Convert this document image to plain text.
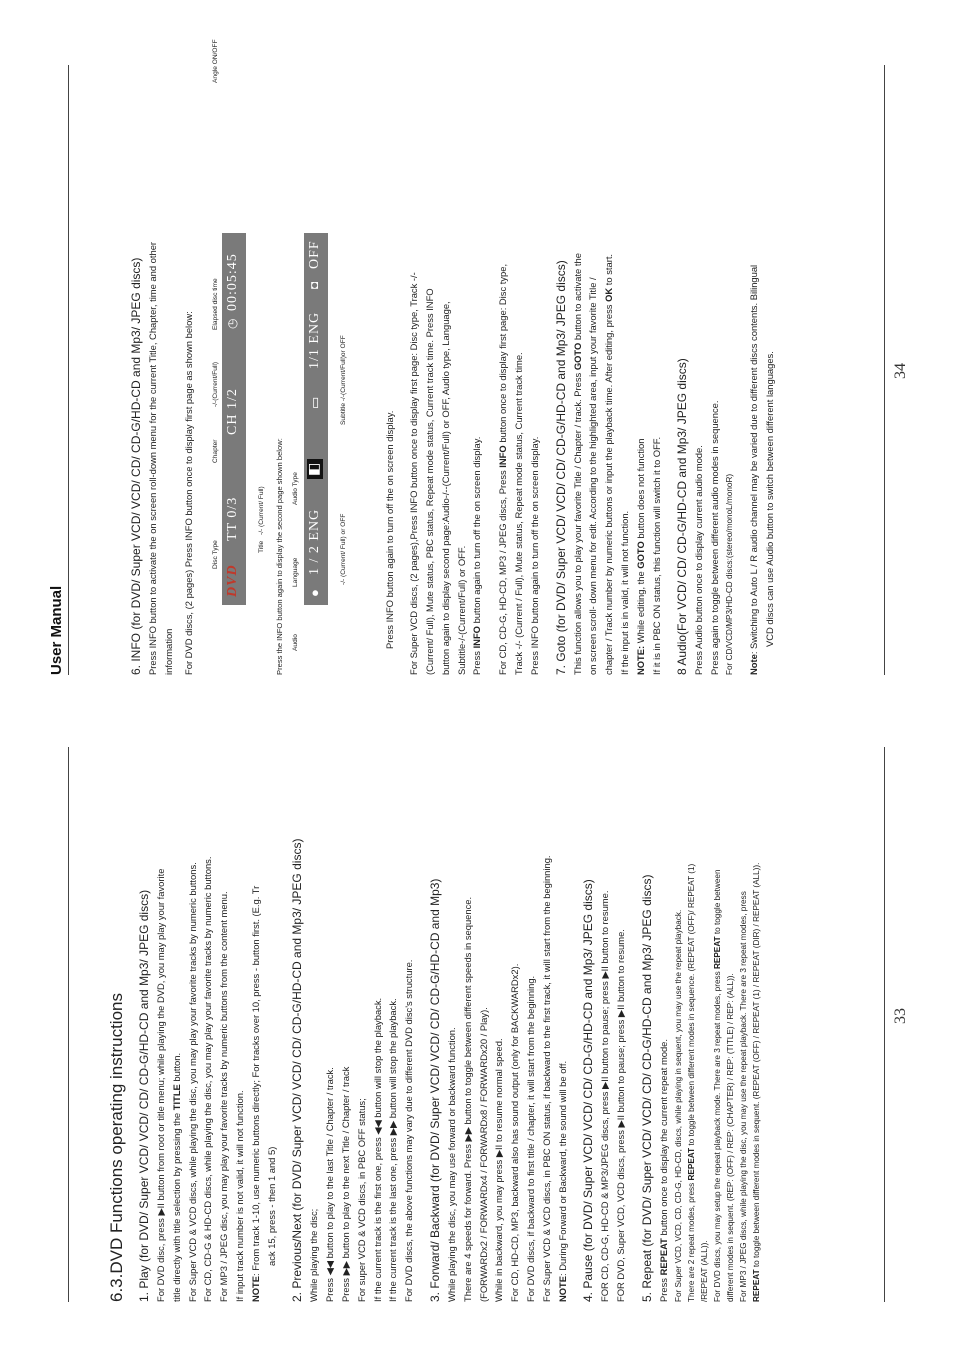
6.3.DVD Functions operating instructions 1. Play (for DVD/ Super VCD/ VCD/ CD/ CD-G/HD-CD and Mp3/ JPEG discs) For DVD disc, press ▶II button from root or title menu; while playing the DVD, you may play your favorite title directly with title selection by pressing the TITLE button. For Super VCD & VCD discs, while playing the disc, you may play your favorite tracks by numeric buttons. For CD, CD-G & HD-CD discs, while playing the disc, you may play your favorite tracks by numeric buttons. For MP3 / JPEG disc, you may play your favorite tracks by numeric buttons from the content menu. If input track number is not valid, it will not function. NOTE: From track 1-10, use numeric buttons directly; For tracks over 10, press - button first. (E.g. Tr ack 15, press - then 1 and 5) 2. Previous/Next (for DVD/ Super VCD/ VCD/ CD/ CD-G/HD-CD and Mp3/ JPEG discs) While playing the disc; Press ◀◀ button to play to the last Title / Chapter / track. Press ▶▶ button to play to the next Title / Chapter / track For super VCD & VCD discs, in PBC OFF status; If the current track is the first one, press ◀◀ button will stop the playback. If the current track is the last one, press ▶▶ button will stop the playback. For DVD discs, the above functions may vary due to different DVD disc's structure. 3. Forward/ Backward (for DVD/ Super VCD/ VCD/ CD/ CD-G/HD-CD and Mp3) While playing the disc, you may use forward or backward function. There are 4 speeds for forward. Press ▶▶ button to toggle between different speeds in sequence. (FORWARDx2 / FORWARDx4 / FORWARDx8 / FORWARDx20 / Play). While in backward, you may press ▶II to resume normal speed. For CD, HD-CD, MP3, backward also has sound output (only for BACKWARDx2). For DVD discs, if backward to first title / chapter, it will start from the beginning. For Super VCD & VCD discs, in PBC ON status, if backward to the first track, it will start from the beginning. NOTE: During Forward or Backward, the sound will be off. 4. Pause (for DVD/ Super VCD/ VCD/ CD/ CD-G/HD-CD and Mp3/ JPEG discs) FOR CD, CD-G, HD-CD & MP3/JPEG discs, press ▶II button to pause; press ▶II button to resume. FOR DVD, Super VCD, VCD discs, press ▶II button to pause; press ▶II button to resume. 5. Repeat (for DVD/ Super VCD/ VCD/ CD/ CD-G/HD-CD and Mp3/ JPEG discs) Press REPEAT button once to display the current repeat mode. For Super VCD, VCD, CD, CD-G, HD-CD, discs, while playing in sequent, you may use the repeat playback. There are 2 repeat modes, press REPEAT to toggle between different modes in sequence. (REPEAT (OFF)/ REPEAT (1)

/REPEAT (ALL)). For DVD discs, you may setup the repeat playback mode. There are 3 repeat modes, press REPEAT to toggle between

different modes in sequent. (REP: (OFF) / REP: (CHAPTER) / REP: (TITLE) / REP: (ALL)). For MP3 / JPEG discs, while playing the disc, you may use the repeat playback. There are 3 repeat modes, press REPEAT to toggle between different modes in sequent. (REPEAT (OFF) / REPEAT (1) / REPEAT (DIR) / REPEAT (ALL)).	33
User Manual	6. INFO (for DVD/ Super VCD/ VCD/ CD/ CD-G/HD-CD and Mp3/ JPEG discs) Press INFO button to activate the on screen roll-down menu for the current Title, Chapter, time and other information For DVD discs, (2 pages) Press INFO button once to display first page as shown below:	Disc Type
Chapter
-/-(Current/Full)
Elapsed disc time
Angle ON/OFF
DVD
TT 0/3
CH 1/2
◷
00:05:45
Title
-/- (Current/ Full)	Press the INFO button again to display the second page shown below:	Audio
Language
Audio Type
●
1 / 2 ENG
◧
▭
1/1 ENG
◘
OFF
-/- (Current/ Full) or OFF
Subtitle -/-(Current/Full)or OFF

Press INFO button again to turn off the on screen display. For Super VCD discs, (2 pages),Press INFO button once to display first page: Disc type, Track -/- (Current/ Full), Mute status, PBC status, Repeat mode status, Current track time. Press INFO button again to display second page:Audio-/--(Current/Full) or OFF, Audio type, Language, Subtitle-/-(Current/Full) or OFF. Press INFO button again to turn off the on screen display. For CD, CD-G, HD-CD, MP3 / JPEG discs, Press INFO button once to display first page: Disc type, Track -/- (Current / Full), Mute status, Repeat mode status, Current track time. Press INFO button again to turn off the on screen display. 7. Goto (for DVD/ Super VCD/ VCD/ CD/ CD-G/HD-CD and Mp3/ JPEG discs) This function allows you to play your favorite Title / Chapter / track. Press GOTO button to activate the on screen scroll- down menu for edit. According to the highlighted area, input your favorite Title / chapter / Track number by numeric buttons or input the playback time. After editing, press OK to start.

If the input is in valid, it will not function. NOTE: While editing, the GOTO button does not function If it is in PBC ON status, this function will switch it to OFF. 8 Audio(For VCD/ CD/ CD-G/HD-CD and Mp3/ JPEG discs) Press Audio button once to display current audio mode. Press again to toggle between different audio modes in sequence. For CD/VCD/MP3/HD-CD discs:(stereo/monoL/monoR) Note: Switching to Auto L / R audio channel may be varied due to different discs contents. Bilingual VCD discs can use Audio button to switch between different languages.	34
